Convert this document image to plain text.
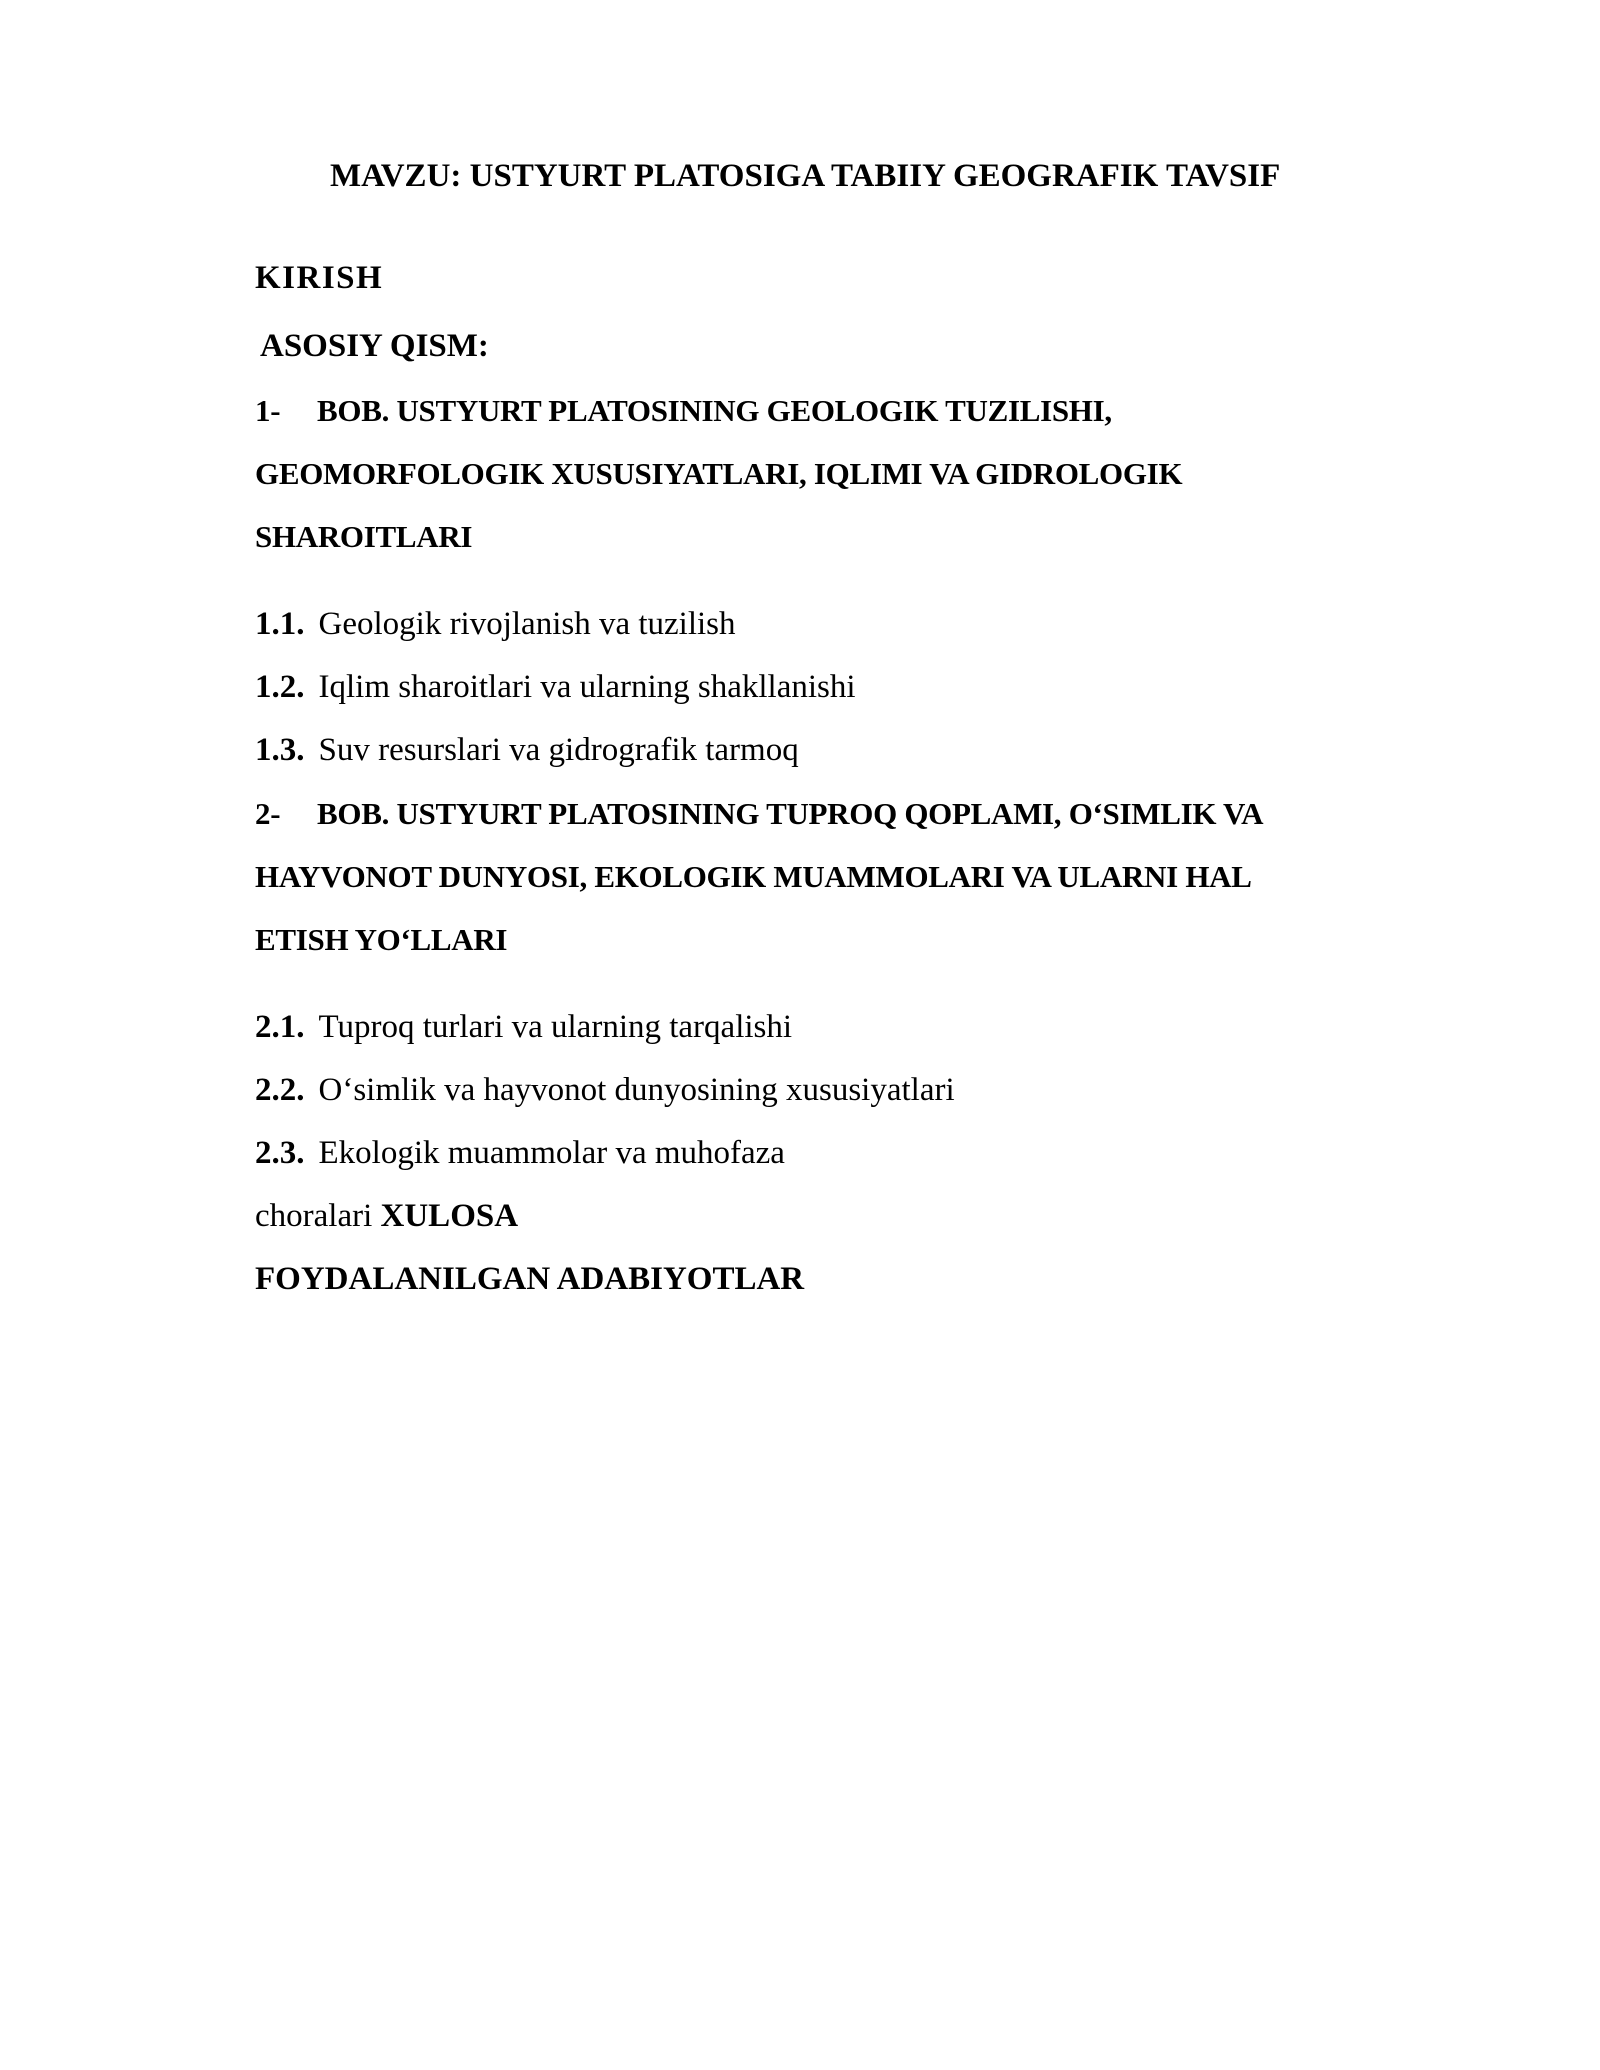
MAVZU: USTYURT PLATOSIGA TABIIY GEOGRAFIK TAVSIF
KIRISH
ASOSIY QISM:
1- BOB. USTYURT PLATOSINING GEOLOGIK TUZILISHI,
GEOMORFOLOGIK XUSUSIYATLARI, IQLIMI VA GIDROLOGIK
SHAROITLARI
1.1. Geologik rivojlanish va tuzilish
1.2. Iqlim sharoitlari va ularning shakllanishi
1.3. Suv resurslari va gidrografik tarmoq
2- BOB. USTYURT PLATOSINING TUPROQ QOPLAMI, O‘SIMLIK VA
HAYVONOT DUNYOSI, EKOLOGIK MUAMMOLARI VA ULARNI HAL
ETISH YO‘LLARI
2.1. Tuproq turlari va ularning tarqalishi
2.2. O‘simlik va hayvonot dunyosining xususiyatlari
2.3. Ekologik muammolar va muhofaza
choralari XULOSA
FOYDALANILGAN ADABIYOTLAR
